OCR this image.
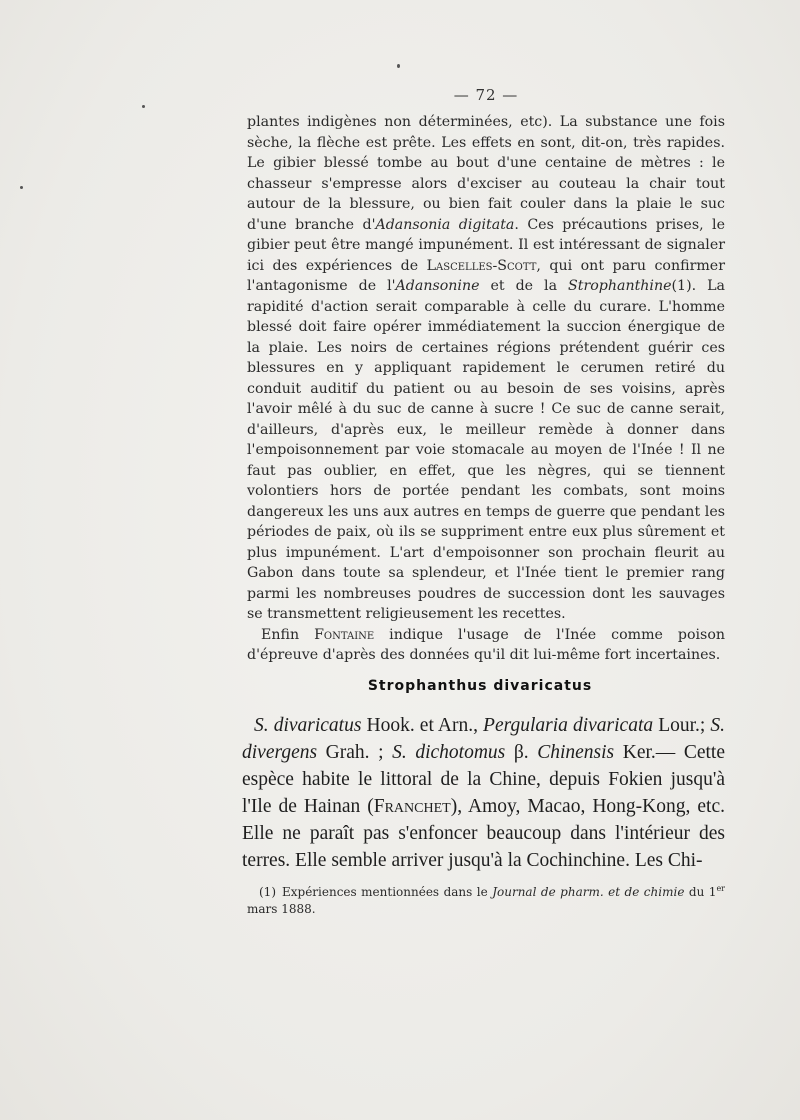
— 72 —

plantes indigènes non déterminées, etc). La substance une fois sèche, la flèche est prête. Les effets en sont, dit-on, très rapides. Le gibier blessé tombe au bout d'une centaine de mètres : le chasseur s'empresse alors d'exciser au couteau la chair tout autour de la blessure, ou bien fait couler dans la plaie le suc d'une branche d'Adansonia digitata. Ces précautions prises, le gibier peut être mangé impunément. Il est intéressant de signaler ici des expériences de Lascelles-Scott, qui ont paru confirmer l'antagonisme de l'Adansonine et de la Strophanthine(1). La rapidité d'action serait comparable à celle du curare. L'homme blessé doit faire opérer immédiatement la succion énergique de la plaie. Les noirs de certaines régions prétendent guérir ces blessures en y appliquant rapidement le cerumen retiré du conduit auditif du patient ou au besoin de ses voisins, après l'avoir mêlé à du suc de canne à sucre ! Ce suc de canne serait, d'ailleurs, d'après eux, le meilleur remède à donner dans l'empoisonnement par voie stomacale au moyen de l'Inée ! Il ne faut pas oublier, en effet, que les nègres, qui se tiennent volontiers hors de portée pendant les combats, sont moins dangereux les uns aux autres en temps de guerre que pendant les périodes de paix, où ils se suppriment entre eux plus sûrement et plus impunément. L'art d'empoisonner son prochain fleurit au Gabon dans toute sa splendeur, et l'Inée tient le premier rang parmi les nombreuses poudres de succession dont les sauvages se transmettent religieusement les recettes.

Enfin Fontaine indique l'usage de l'Inée comme poison d'épreuve d'après des données qu'il dit lui-même fort incertaines.

Strophanthus divaricatus

S. divaricatus Hook. et Arn., Pergularia divaricata Lour.; S. divergens Grah. ; S. dichotomus β. Chinensis Ker.— Cette espèce habite le littoral de la Chine, depuis Fokien jusqu'à l'Ile de Hainan (Franchet), Amoy, Macao, Hong-Kong, etc. Elle ne paraît pas s'enfoncer beaucoup dans l'intérieur des terres. Elle semble arriver jusqu'à la Cochinchine. Les Chi-

(1) Expériences mentionnées dans le Journal de pharm. et de chimie du 1er mars 1888.
